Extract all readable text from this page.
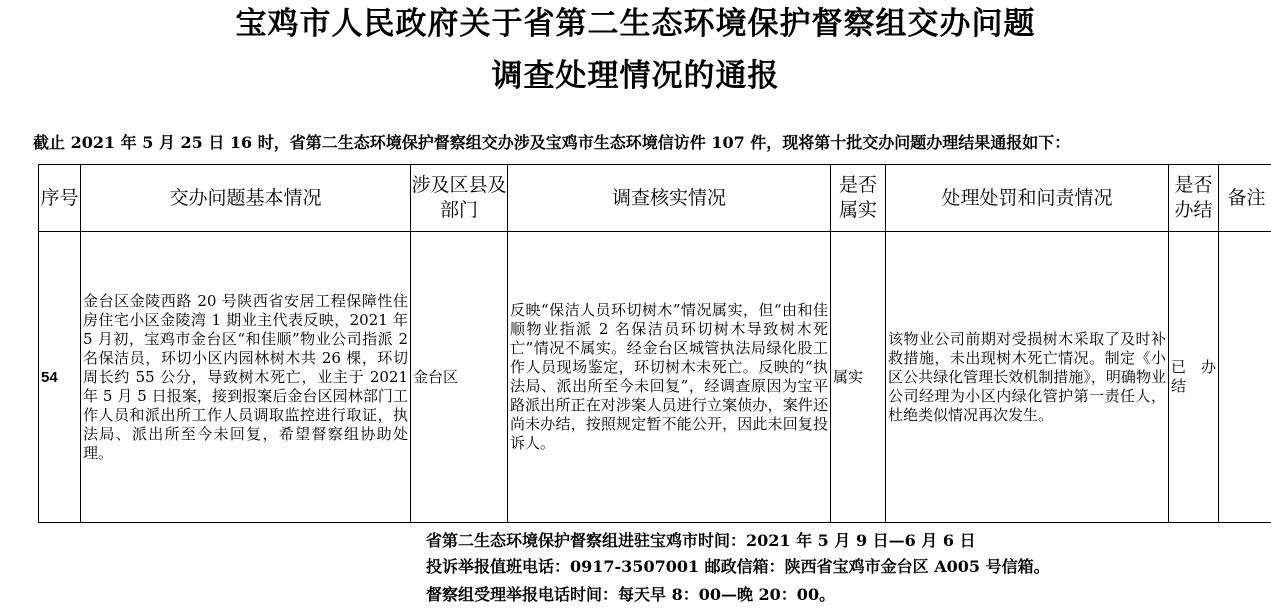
宝鸡市人民政府关于省第二生态环境保护督察组交办问题
调查处理情况的通报
截止 2021 年 5 月 25 日 16 时，省第二生态环境保护督察组交办涉及宝鸡市生态环境信访件 107 件，现将第十批交办问题办理结果通报如下：
序号	交办问题基本情况	涉及区县及部门	调查核实情况	是否属实	处理处罚和问责情况	是否办结	备注
54	金台区金陵西路 20 号陕西省安居工程保障性住房住宅小区金陵湾 1 期业主代表反映，2021 年 5 月初，宝鸡市金台区“和佳顺”物业公司指派 2 名保洁员，环切小区内园林树木共 26 棵，环切周长约 55 公分，导致树木死亡，业主于 2021 年 5 月 5 日报案，接到报案后金台区园林部门工作人员和派出所工作人员调取监控进行取证，执法局、派出所至今未回复，希望督察组协助处理。	金台区	反映“保洁人员环切树木”情况属实，但“由和佳顺物业指派 2 名保洁员环切树木导致树木死亡”情况不属实。经金台区城管执法局绿化股工作人员现场鉴定，环切树木未死亡。反映的“执法局、派出所至今未回复”，经调查原因为宝平路派出所正在对涉案人员进行立案侦办，案件还尚未办结，按照规定暂不能公开，因此未回复投诉人。	属实	该物业公司前期对受损树木采取了及时补救措施，未出现树木死亡情况。制定《小区公共绿化管理长效机制措施》，明确物业公司经理为小区内绿化管护第一责任人，杜绝类似情况再次发生。	已 办结	
省第二生态环境保护督察组进驻宝鸡市时间：2021 年 5 月 9 日—6 月 6 日
投诉举报值班电话：0917-3507001 邮政信箱：陕西省宝鸡市金台区 A005 号信箱。
督察组受理举报电话时间：每天早 8：00—晚 20：00。
